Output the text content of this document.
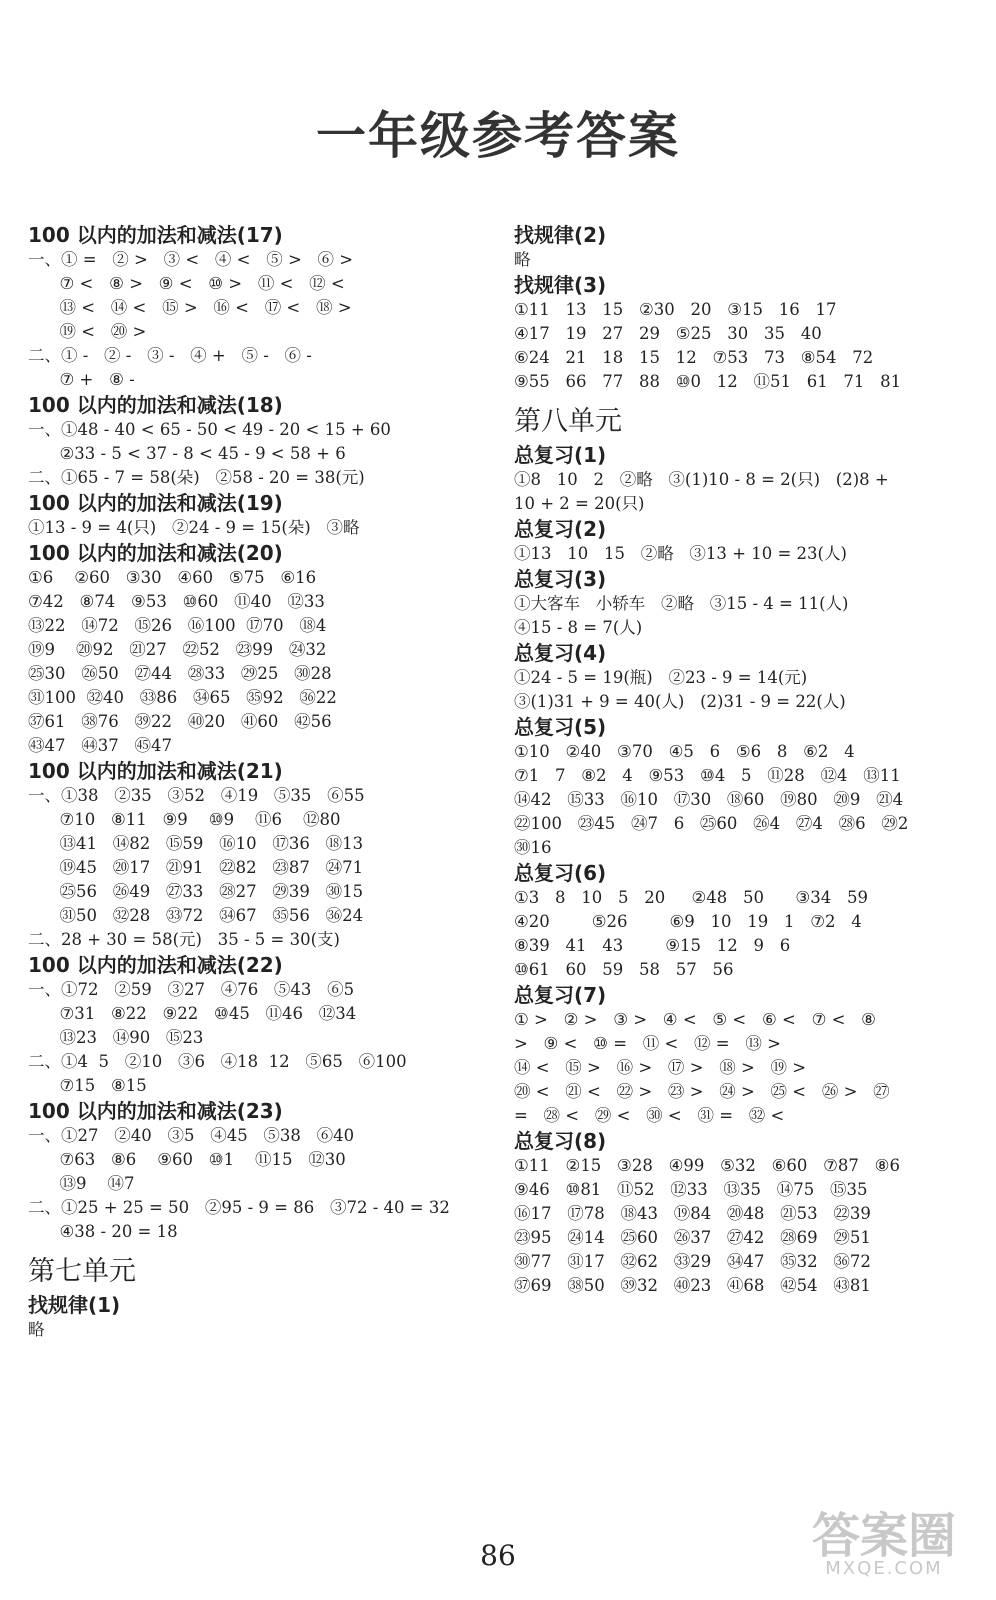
一年级参考答案
100 以内的加法和减法(17)
一、① =   ② >   ③ <   ④ <   ⑤ >   ⑥ >
⑦ <   ⑧ >   ⑨ <   ⑩ >   ⑪ <   ⑫ <
⑬ <   ⑭ <   ⑮ >   ⑯ <   ⑰ <   ⑱ >
⑲ <   ⑳ >
二、① -   ② -   ③ -   ④ +   ⑤ -   ⑥ -
⑦ +   ⑧ -
100 以内的加法和减法(18)
一、①48 - 40 < 65 - 50 < 49 - 20 < 15 + 60
②33 - 5 < 37 - 8 < 45 - 9 < 58 + 6
二、①65 - 7 = 58(朵)   ②58 - 20 = 38(元)
100 以内的加法和减法(19)
①13 - 9 = 4(只)   ②24 - 9 = 15(朵)   ③略
100 以内的加法和减法(20)
①6    ②60   ③30   ④60   ⑤75   ⑥16
⑦42   ⑧74   ⑨53   ⑩60   ⑪40   ⑫33
⑬22   ⑭72   ⑮26   ⑯100  ⑰70   ⑱4
⑲9    ⑳92   ㉑27   ㉒52   ㉓99   ㉔32
㉕30   ㉖50   ㉗44   ㉘33   ㉙25   ㉚28
㉛100  ㉜40   ㉝86   ㉞65   ㉟92   ㊱22
㊲61   ㊳76   ㊴22   ㊵20   ㊶60   ㊷56
㊸47   ㊹37   ㊺47
100 以内的加法和减法(21)
一、①38   ②35   ③52   ④19   ⑤35   ⑥55
⑦10   ⑧11   ⑨9    ⑩9    ⑪6    ⑫80
⑬41   ⑭82   ⑮59   ⑯10   ⑰36   ⑱13
⑲45   ⑳17   ㉑91   ㉒82   ㉓87   ㉔71
㉕56   ㉖49   ㉗33   ㉘27   ㉙39   ㉚15
㉛50   ㉜28   ㉝72   ㉞67   ㉟56   ㊱24
二、28 + 30 = 58(元)   35 - 5 = 30(支)
100 以内的加法和减法(22)
一、①72   ②59   ③27   ④76   ⑤43   ⑥5
⑦31   ⑧22   ⑨22   ⑩45   ⑪46   ⑫34
⑬23   ⑭90   ⑮23
二、①4  5   ②10   ③6   ④18  12   ⑤65   ⑥100
⑦15   ⑧15
100 以内的加法和减法(23)
一、①27   ②40   ③5   ④45   ⑤38   ⑥40
⑦63   ⑧6    ⑨60   ⑩1    ⑪15   ⑫30
⑬9    ⑭7
二、①25 + 25 = 50   ②95 - 9 = 86   ③72 - 40 = 32
④38 - 20 = 18
第七单元
找规律(1)
略
找规律(2)
略
找规律(3)
①11   13   15   ②30   20   ③15   16   17
④17   19   27   29   ⑤25   30   35   40
⑥24   21   18   15   12   ⑦53   73   ⑧54   72
⑨55   66   77   88   ⑩0   12   ⑪51   61   71   81
第八单元
总复习(1)
①8   10   2   ②略   ③(1)10 - 8 = 2(只)   (2)8 +
10 + 2 = 20(只)
总复习(2)
①13   10   15   ②略   ③13 + 10 = 23(人)
总复习(3)
①大客车   小轿车   ②略   ③15 - 4 = 11(人)
④15 - 8 = 7(人)
总复习(4)
①24 - 5 = 19(瓶)   ②23 - 9 = 14(元)
③(1)31 + 9 = 40(人)   (2)31 - 9 = 22(人)
总复习(5)
①10   ②40   ③70   ④5   6   ⑤6   8   ⑥2   4
⑦1   7   ⑧2   4   ⑨53   ⑩4   5   ⑪28   ⑫4   ⑬11
⑭42   ⑮33   ⑯10   ⑰30   ⑱60   ⑲80   ⑳9   ㉑4
㉒100   ㉓45   ㉔7   6   ㉕60   ㉖4   ㉗4   ㉘6   ㉙2
㉚16
总复习(6)
①3   8   10   5   20     ②48   50      ③34   59
④20        ⑤26        ⑥9   10   19   1   ⑦2   4
⑧39   41   43        ⑨15   12   9   6
⑩61   60   59   58   57   56
总复习(7)
① >   ② >   ③ >   ④ <   ⑤ <   ⑥ <   ⑦ <   ⑧
>   ⑨ <   ⑩ =   ⑪ <   ⑫ =   ⑬ >
⑭ <   ⑮ >   ⑯ >   ⑰ >   ⑱ >   ⑲ >
⑳ <   ㉑ <   ㉒ >   ㉓ >   ㉔ >   ㉕ <   ㉖ >   ㉗
=   ㉘ <   ㉙ <   ㉚ <   ㉛ =   ㉜ <
总复习(8)
①11   ②15   ③28   ④99   ⑤32   ⑥60   ⑦87   ⑧6
⑨46   ⑩81   ⑪52   ⑫33   ⑬35   ⑭75   ⑮35
⑯17   ⑰78   ⑱43   ⑲84   ⑳48   ㉑53   ㉒39
㉓95   ㉔14   ㉕60   ㉖37   ㉗42   ㉘69   ㉙51
㉚77   ㉛17   ㉜62   ㉝29   ㉞47   ㉟32   ㊱72
㊲69   ㊳50   ㊴32   ㊵23   ㊶68   ㊷54   ㊸81
答案圈
MXQE.COM
86
